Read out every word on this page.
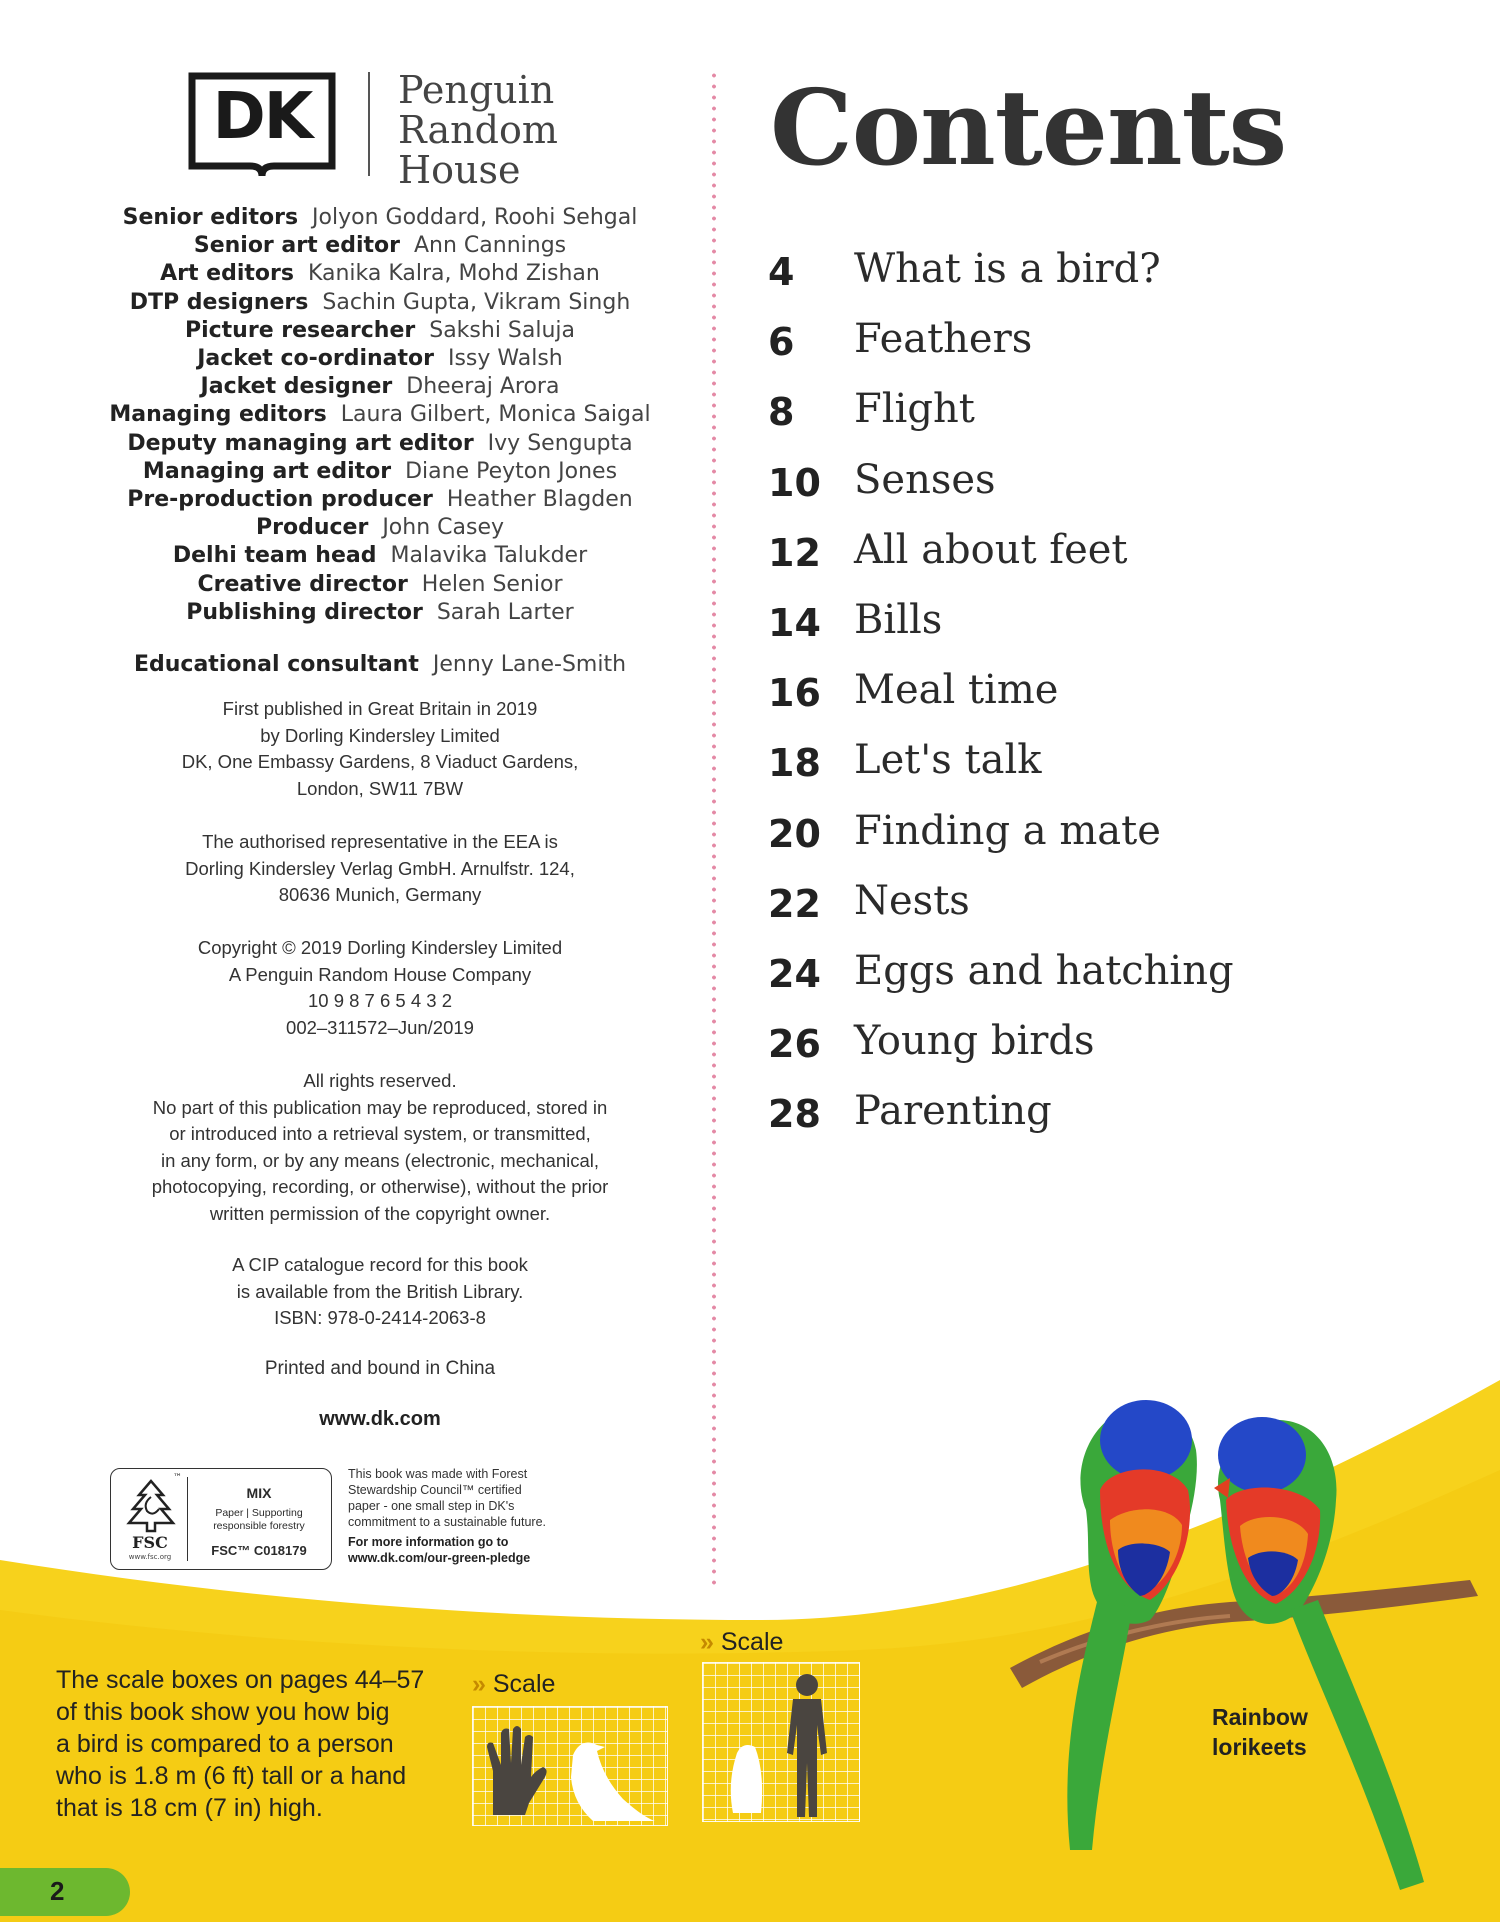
DK Penguin
Random
House
Senior editors Jolyon Goddard, Roohi Sehgal
Senior art editor Ann Cannings
Art editors Kanika Kalra, Mohd Zishan
DTP designers Sachin Gupta, Vikram Singh
Picture researcher Sakshi Saluja
Jacket co-ordinator Issy Walsh
Jacket designer Dheeraj Arora
Managing editors Laura Gilbert, Monica Saigal
Deputy managing art editor Ivy Sengupta
Managing art editor Diane Peyton Jones
Pre-production producer Heather Blagden
Producer John Casey
Delhi team head Malavika Talukder
Creative director Helen Senior
Publishing director Sarah Larter
Educational consultant Jenny Lane-Smith
First published in Great Britain in 2019
by Dorling Kindersley Limited
DK, One Embassy Gardens, 8 Viaduct Gardens,
London, SW11 7BW
The authorised representative in the EEA is
Dorling Kindersley Verlag GmbH. Arnulfstr. 124,
80636 Munich, Germany
Copyright © 2019 Dorling Kindersley Limited
A Penguin Random House Company
10 9 8 7 6 5 4 3 2
002–311572–Jun/2019
All rights reserved.
No part of this publication may be reproduced, stored in
or introduced into a retrieval system, or transmitted,
in any form, or by any means (electronic, mechanical,
photocopying, recording, or otherwise), without the prior
written permission of the copyright owner.
A CIP catalogue record for this book
is available from the British Library.
ISBN: 978-0-2414-2063-8
Printed and bound in China
www.dk.com
™
FSC
www.fsc.org
MIX
Paper | Supporting
responsible forestry
FSC™ C018179
This book was made with Forest
Stewardship Council™ certified
paper - one small step in DK's
commitment to a sustainable future.
For more information go to
www.dk.com/our-green-pledge
Contents
4	What is a bird?
6	Feathers
8	Flight
10 Senses
12 All about feet
14 Bills
16 Meal time
18 Let's talk
20 Finding a mate
22 Nests
24 Eggs and hatching
26 Young birds
28 Parenting
The scale boxes on pages 44–57
of this book show you how big
a bird is compared to a person
who is 1.8 m (6 ft) tall or a hand
that is 18 cm (7 in) high.
» Scale
» Scale
Rainbow
lorikeets
2
